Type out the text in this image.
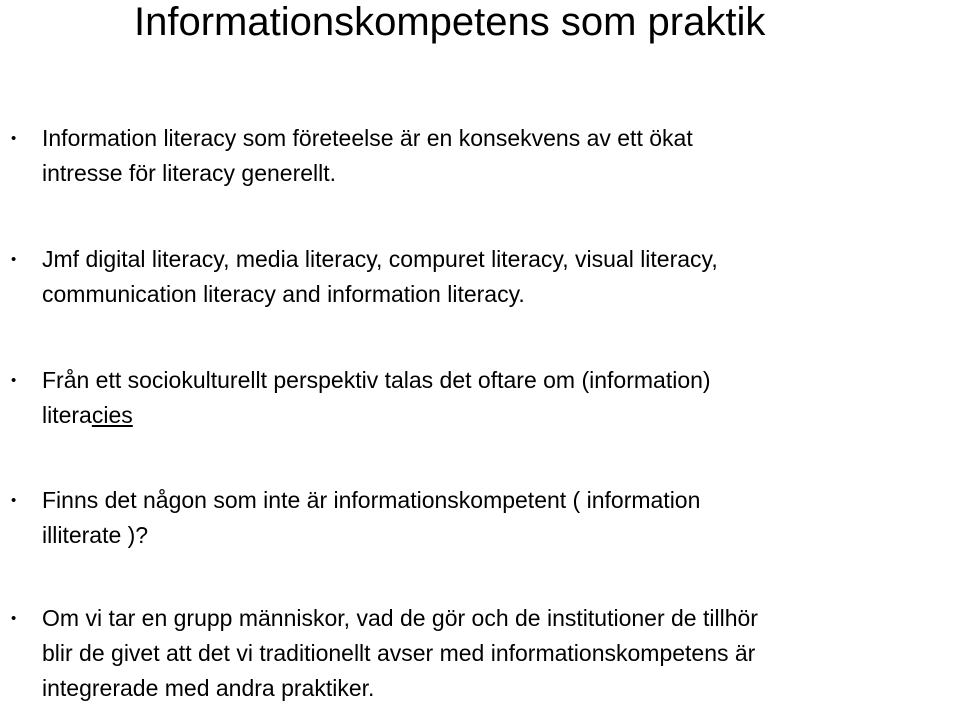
Informationskompetens som praktik
• Information literacy som företeelse är en konsekvens av ett ökat
intresse för literacy generellt.
• Jmf digital literacy, media literacy, compuret literacy, visual literacy,
communication literacy and information literacy.
• Från ett sociokulturellt perspektiv talas det oftare om (information)
literacies
• Finns det någon som inte är informationskompetent ( information
illiterate )?
• Om vi tar en grupp människor, vad de gör och de institutioner de tillhör
blir de givet att det vi traditionellt avser med informationskompetens är
integrerade med andra praktiker.
